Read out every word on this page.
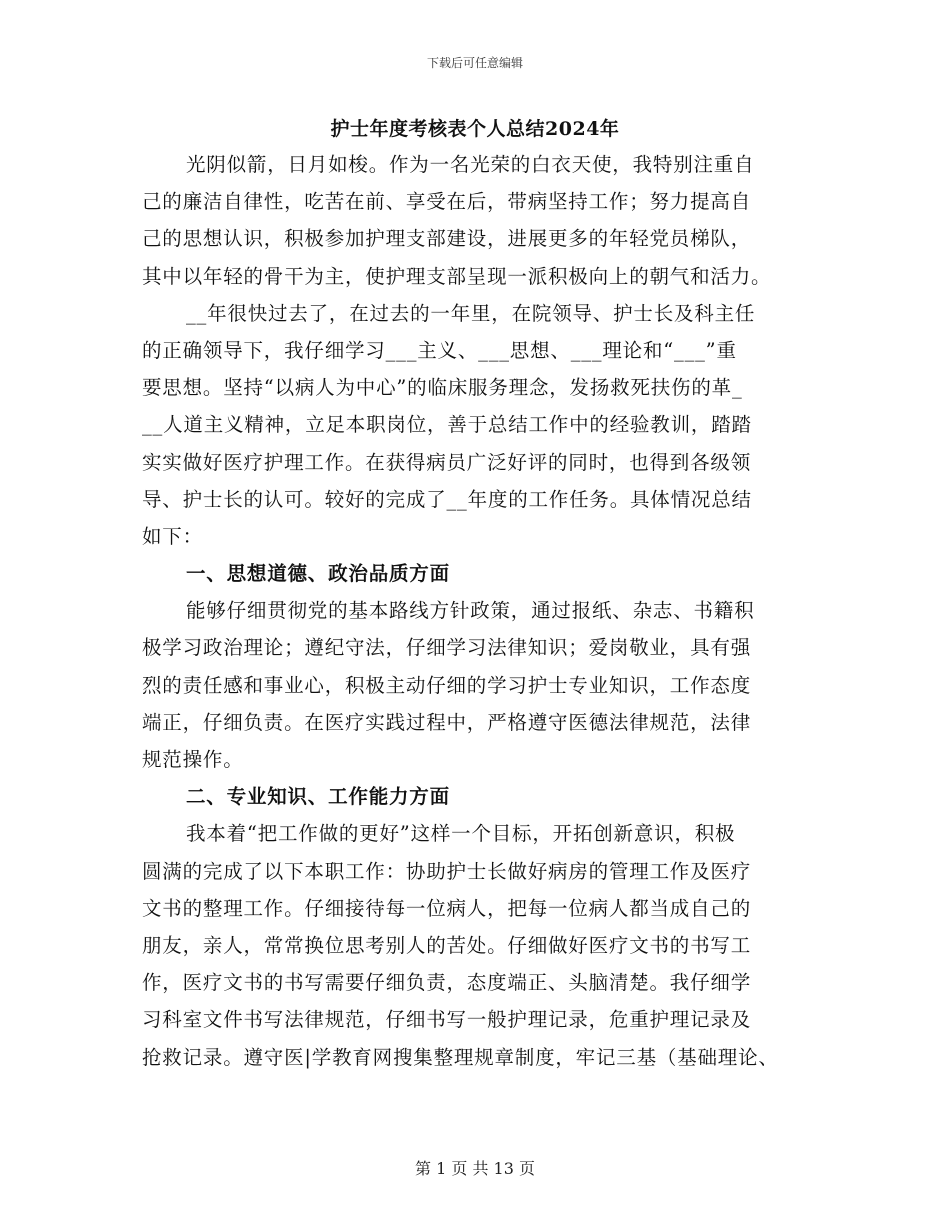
下载后可任意编辑
护士年度考核表个人总结2024年
光阴似箭，日月如梭。作为一名光荣的白衣天使，我特别注重自
己的廉洁自律性，吃苦在前、享受在后，带病坚持工作；努力提高自
己的思想认识，积极参加护理支部建设，进展更多的年轻党员梯队，
其中以年轻的骨干为主，使护理支部呈现一派积极向上的朝气和活力。
__年很快过去了，在过去的一年里，在院领导、护士长及科主任
的正确领导下，我仔细学习___主义、___思想、___理论和“___”重
要思想。坚持“以病人为中心”的临床服务理念，发扬救死扶伤的革_
__人道主义精神，立足本职岗位，善于总结工作中的经验教训，踏踏
实实做好医疗护理工作。在获得病员广泛好评的同时，也得到各级领
导、护士长的认可。较好的完成了__年度的工作任务。具体情况总结
如下：
一、思想道德、政治品质方面
能够仔细贯彻党的基本路线方针政策，通过报纸、杂志、书籍积
极学习政治理论；遵纪守法，仔细学习法律知识；爱岗敬业，具有强
烈的责任感和事业心，积极主动仔细的学习护士专业知识，工作态度
端正，仔细负责。在医疗实践过程中，严格遵守医德法律规范，法律
规范操作。
二、专业知识、工作能力方面
我本着“把工作做的更好”这样一个目标，开拓创新意识，积极
圆满的完成了以下本职工作：协助护士长做好病房的管理工作及医疗
文书的整理工作。仔细接待每一位病人，把每一位病人都当成自己的
朋友，亲人，常常换位思考别人的苦处。仔细做好医疗文书的书写工
作，医疗文书的书写需要仔细负责，态度端正、头脑清楚。我仔细学
习科室文件书写法律规范，仔细书写一般护理记录，危重护理记录及
抢救记录。遵守医|学教育网搜集整理规章制度，牢记三基（基础理论、
第 1 页 共 13 页
